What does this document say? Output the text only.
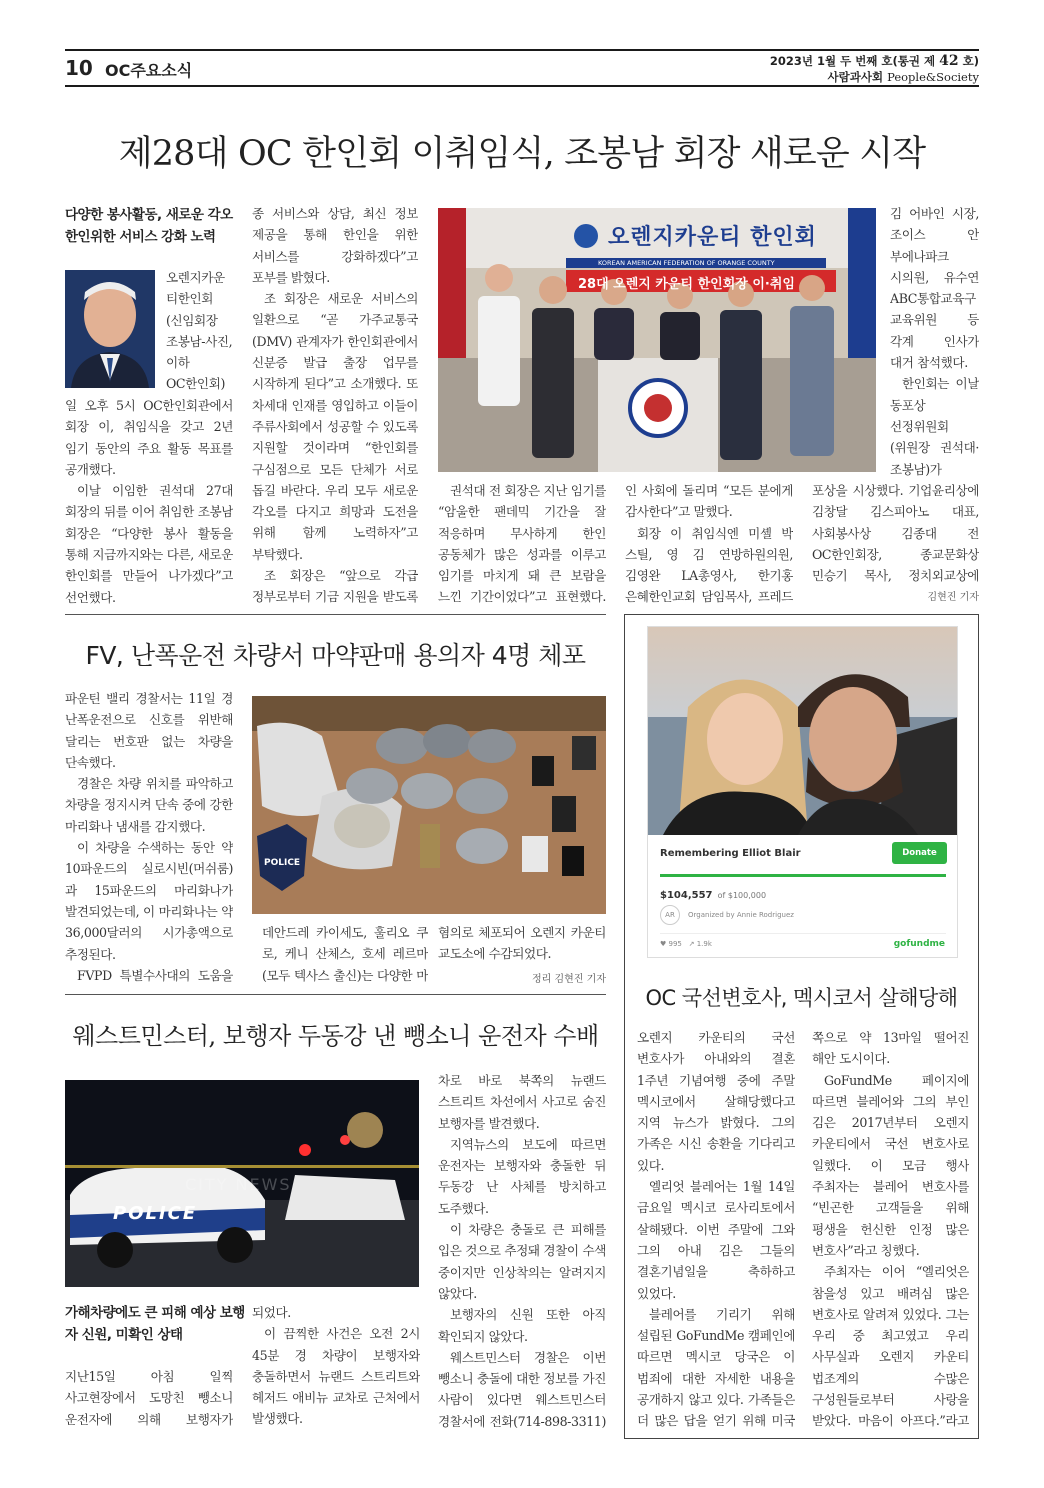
10 OC주요소식	2023년 1월 두 번째 호(통권 제 42 호)
사람과사회 People&Society
제28대 OC 한인회 이취임식, 조봉남 회장 새로운 시작
다양한 봉사활동, 새로운 각오 한인위한 서비스 강화 노력

오렌지카운티한인회(신임회장 조봉남-사진, 이하 OC한인회)

일 오후 5시 OC한인회관에서 회장 이, 취임식을 갖고 2년 임기 동안의 주요 활동 목표를 공개했다.

이날 이임한 권석대 27대 회장의 뒤를 이어 취임한 조봉남 회장은 “다양한 봉사 활동을 통해 지금까지와는 다른, 새로운 한인회를 만들어 나가겠다”고 선언했다.

종 서비스와 상담, 최신 정보 제공을 통해 한인을 위한 서비스를 강화하겠다”고 포부를 밝혔다.

조 회장은 새로운 서비스의 일환으로 “곧 가주교통국(DMV) 관계자가 한인회관에서 신분증 발급 출장 업무를 시작하게 된다”고 소개했다. 또 차세대 인재를 영입하고 이들이 주류사회에서 성공할 수 있도록 지원할 것이라며 “한인회를 구심점으로 모든 단체가 서로 돕길 바란다. 우리 모두 새로운 각오를 다지고 희망과 도전을 위해 함께 노력하자”고 부탁했다.

조 회장은 “앞으로 각급 정부로부터 기금 지원을 받도록

오렌지카운티 한인회
KOREAN AMERICAN FEDERATION OF ORANGE COUNTY
28대 오렌지 카운티 한인회장 이·취임

권석대 전 회장은 지난 임기를 “암울한 팬데믹 기간을 잘 적응하며 무사하게 한인 공동체가 많은 성과를 이루고 임기를 마치게 돼 큰 보람을 느낀 기간이었다”고 표현했다.

인 사회에 돌리며 “모든 분에게 감사한다”고 말했다.

회장 이 취임식엔 미셸 박 스틸, 영 김 연방하원의원, 김영완 LA총영사, 한기홍 은혜한인교회 담임목사, 프레드

김 어바인 시장, 조이스 안 부에나파크 시의원, 유수연 ABC통합교육구 교육위원 등 각계 인사가 대거 참석했다.

한인회는 이날 동포상 선정위원회(위원장 권석대·조봉남)가

포상을 시상했다. 기업윤리상에 김창달 김스피아노 대표, 사회봉사상 김종대 전 OC한인회장, 종교문화상 민승기 목사, 정치외교상에

김현진 기자
FV, 난폭운전 차량서 마약판매 용의자 4명 체포

파운틴 밸리 경찰서는 11일 경 난폭운전으로 신호를 위반해 달리는 번호판 없는 차량을 단속했다.

경찰은 차량 위치를 파악하고 차량을 정지시켜 단속 중에 강한 마리화나 냄새를 감지했다.

이 차량을 수색하는 동안 약 10파운드의 실로시빈(머쉬룸)과 15파운드의 마리화나가 발견되었는데, 이 마리화나는 약 36,000달러의 시가총액으로 추정된다.

FVPD 특별수사대의 도움을

POLICE
데안드레 카이세도, 훌리오 쿠로, 케니 산체스, 호세 레르마(모두 텍사스 출신)는 다양한 마
혐의로 체포되어 오렌지 카운티 교도소에 수감되었다.
정리 김현진 기자
웨스트민스터, 보행자 두동강 낸 뺑소니 운전자 수배
POLICE
CITY NEWS
가해차량에도 큰 피해 예상 보행자 신원, 미확인 상태

지난15일 아침 일찍 사고현장에서 도망친 뺑소니 운전자에 의해 보행자가

되었다.

이 끔찍한 사건은 오전 2시 45분 경 차량이 보행자와 충돌하면서 뉴랜드 스트리트와 헤저드 애비뉴 교차로 근처에서 발생했다.

차로 바로 북쪽의 뉴랜드 스트리트 차선에서 사고로 숨진 보행자를 발견했다.

지역뉴스의 보도에 따르면 운전자는 보행자와 충돌한 뒤 두동강 난 사체를 방치하고 도주했다.

이 차량은 충돌로 큰 피해를 입은 것으로 추정돼 경찰이 수색 중이지만 인상착의는 알려지지 않았다.

보행자의 신원 또한 아직 확인되지 않았다.

웨스트민스터 경찰은 이번 뺑소니 충돌에 대한 정보를 가진 사람이 있다면 웨스트민스터 경찰서에 전화(714-898-3311)

Remembering Elliot Blair	Donate
$104,557 of $100,000
AR	Organized by Annie Rodriguez
♥ 995 ↗ 1.9k	gofundme
OC 국선변호사, 멕시코서 살해당해

오렌지 카운티의 국선 변호사가 아내와의 결혼 1주년 기념여행 중에 주말 멕시코에서 살해당했다고 지역 뉴스가 밝혔다. 그의 가족은 시신 송환을 기다리고 있다.

엘리엇 블레어는 1월 14일 금요일 멕시코 로사리토에서 살해됐다. 이번 주말에 그와 그의 아내 김은 그들의 결혼기념일을 축하하고 있었다.

블레어를 기리기 위해 설립된 GoFundMe 캠페인에 따르면 멕시코 당국은 이 범죄에 대한 자세한 내용을 공개하지 않고 있다. 가족들은 더 많은 답을 얻기 위해 미국

쪽으로 약 13마일 떨어진 해안 도시이다.

GoFundMe 페이지에 따르면 블레어와 그의 부인 김은 2017년부터 오렌지 카운티에서 국선 변호사로 일했다. 이 모금 행사 주최자는 블레어 변호사를 “빈곤한 고객들을 위해 평생을 헌신한 인정 많은 변호사”라고 칭했다.

주최자는 이어 “엘리엇은 참을성 있고 배려심 많은 변호사로 알려져 있었다. 그는 우리 중 최고였고 우리 사무실과 오렌지 카운티 법조계의 수많은 구성원들로부터 사랑을 받았다. 마음이 아프다.”라고
